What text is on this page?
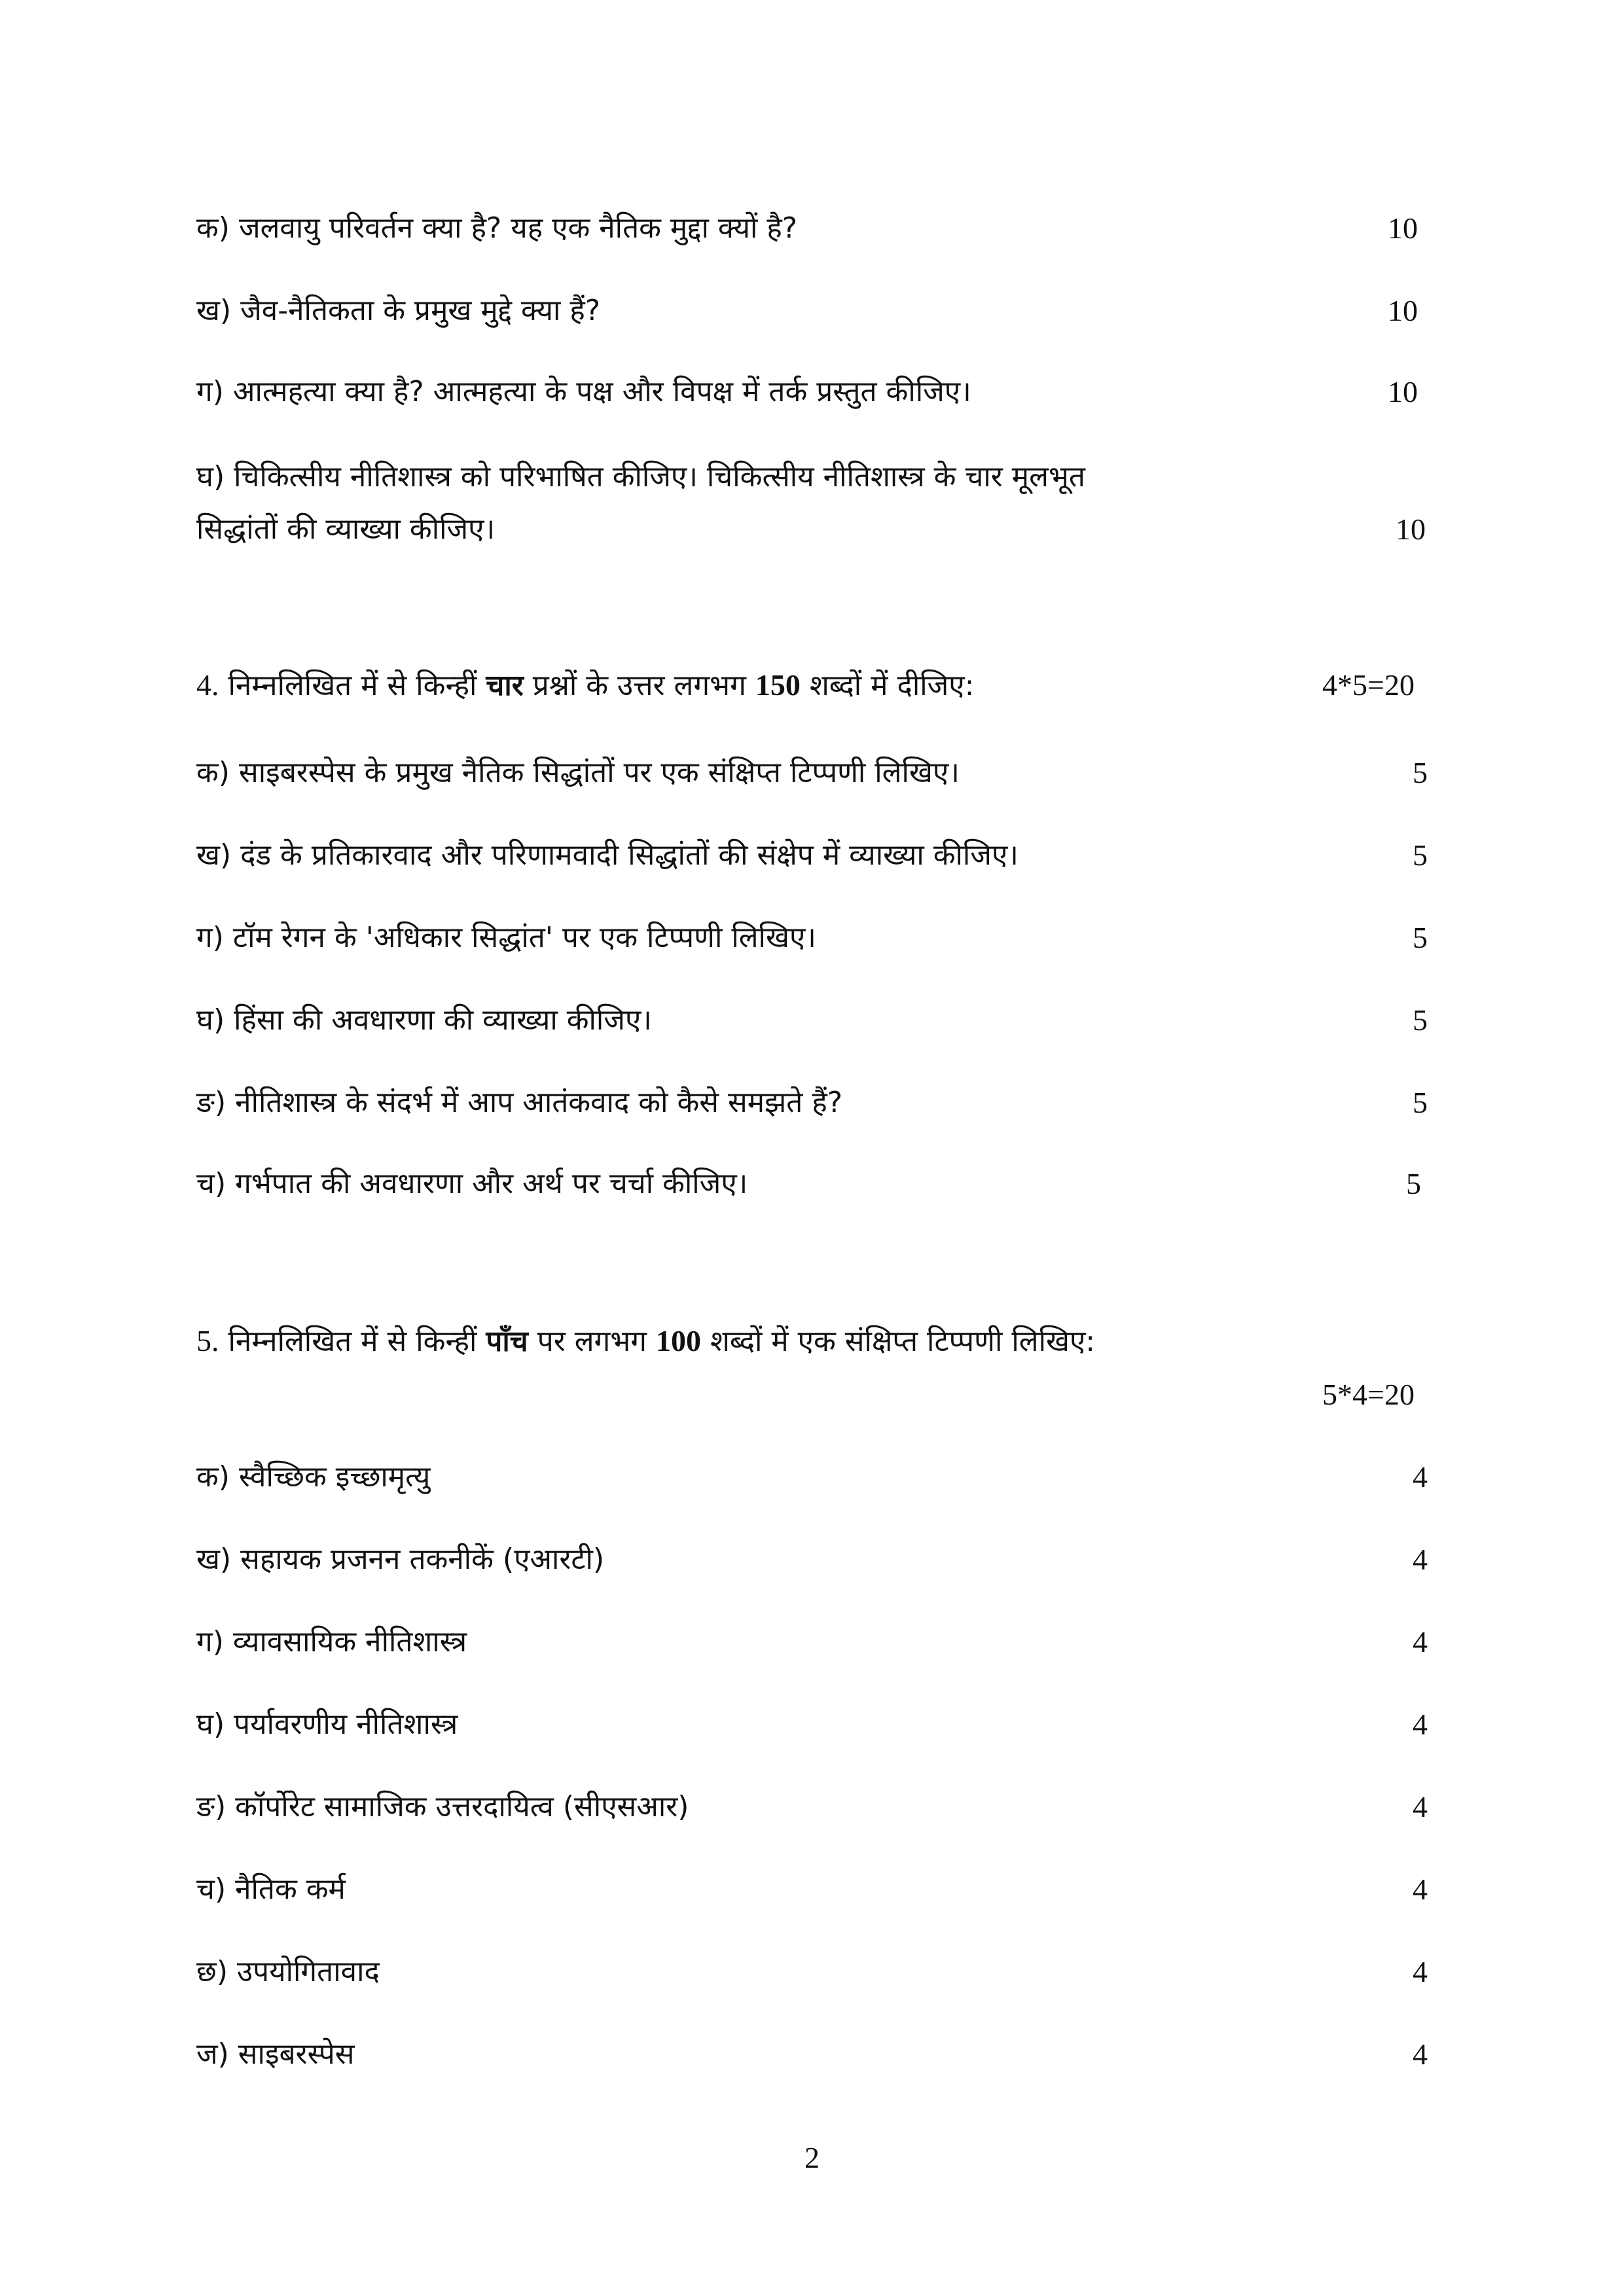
क) जलवायु परिवर्तन क्या है? यह एक नैतिक मुद्दा क्यों है?	10
ख) जैव-नैतिकता के प्रमुख मुद्दे क्या हैं?	10
ग) आत्महत्या क्या है? आत्महत्या के पक्ष और विपक्ष में तर्क प्रस्तुत कीजिए।	10
घ) चिकित्सीय नीतिशास्त्र को परिभाषित कीजिए। चिकित्सीय नीतिशास्त्र के चार मूलभूत
सिद्धांतों की व्याख्या कीजिए।	10
4. निम्नलिखित में से किन्हीं चार प्रश्नों के उत्तर लगभग 150 शब्दों में दीजिए:	4*5=20
क) साइबरस्पेस के प्रमुख नैतिक सिद्धांतों पर एक संक्षिप्त टिप्पणी लिखिए।	5
ख) दंड के प्रतिकारवाद और परिणामवादी सिद्धांतों की संक्षेप में व्याख्या कीजिए।	5
ग) टॉम रेगन के 'अधिकार सिद्धांत' पर एक टिप्पणी लिखिए।	5
घ) हिंसा की अवधारणा की व्याख्या कीजिए।	5
ङ) नीतिशास्त्र के संदर्भ में आप आतंकवाद को कैसे समझते हैं?	5
च) गर्भपात की अवधारणा और अर्थ पर चर्चा कीजिए।	5
5. निम्नलिखित में से किन्हीं पाँच पर लगभग 100 शब्दों में एक संक्षिप्त टिप्पणी लिखिए:
5*4=20
क) स्वैच्छिक इच्छामृत्यु	4
ख) सहायक प्रजनन तकनीकें (एआरटी)	4
ग) व्यावसायिक नीतिशास्त्र	4
घ) पर्यावरणीय नीतिशास्त्र	4
ङ) कॉर्पोरेट सामाजिक उत्तरदायित्व (सीएसआर)	4
च) नैतिक कर्म	4
छ) उपयोगितावाद	4
ज) साइबरस्पेस	4
2
